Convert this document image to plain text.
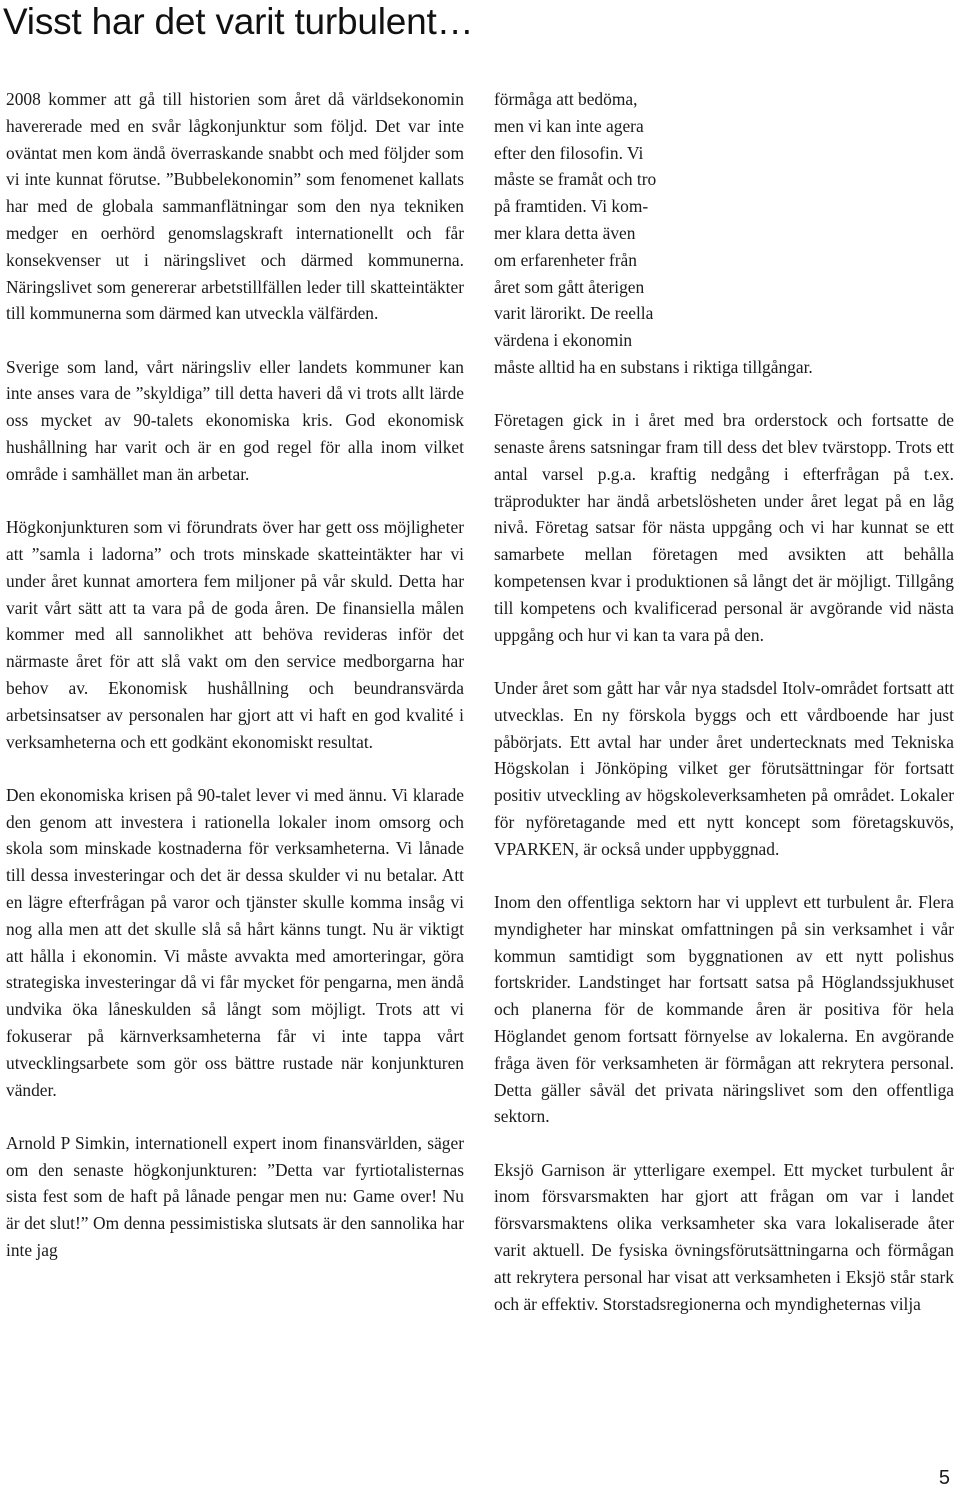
Visst har det varit turbulent…

2008 kommer att gå till historien som året då världsekonomin havererade med en svår lågkonjunktur som följd. Det var inte oväntat men kom ändå överraskande snabbt och med följder som vi inte kunnat förutse. ”Bubbelekonomin” som fenomenet kallats har med de globala sammanflätningar som den nya tekniken medger en oerhörd genomslagskraft internationellt och får konsekvenser ut i näringslivet och därmed kommunerna. Näringslivet som genererar arbetstillfällen leder till skatteintäkter till kommunerna som därmed kan utveckla välfärden.

Sverige som land, vårt näringsliv eller landets kommuner kan inte anses vara de ”skyldiga” till detta haveri då vi trots allt lärde oss mycket av 90-talets ekonomiska kris. God ekonomisk hushållning har varit och är en god regel för alla inom vilket område i samhället man än arbetar.

Högkonjunkturen som vi förundrats över har gett oss möjligheter att ”samla i ladorna” och trots minskade skatteintäkter har vi under året kunnat amortera fem miljoner på vår skuld. Detta har varit vårt sätt att ta vara på de goda åren. De finansiella målen kommer med all sannolikhet att behöva revideras inför det närmaste året för att slå vakt om den service medborgarna har behov av. Ekonomisk hushållning och beundransvärda arbetsinsatser av personalen har gjort att vi haft en god kvalité i verksamheterna och ett godkänt ekonomiskt resultat.

Den ekonomiska krisen på 90-talet lever vi med ännu. Vi klarade den genom att investera i rationella lokaler inom omsorg och skola som minskade kostnaderna för verksamheterna. Vi lånade till dessa investeringar och det är dessa skulder vi nu betalar. Att en lägre efterfrågan på varor och tjänster skulle komma insåg vi nog alla men att det skulle slå så hårt känns tungt. Nu är viktigt att hålla i ekonomin. Vi måste avvakta med amorteringar, göra strategiska investeringar då vi får mycket för pengarna, men ändå undvika öka låneskulden så långt som möjligt. Trots att vi fokuserar på kärnverksamheterna får vi inte tappa vårt utvecklingsarbete som gör oss bättre rustade när konjunkturen vänder.

Arnold P Simkin, internationell expert inom finansvärlden, säger om den senaste högkonjunkturen: ”Detta var fyrtiotalisternas sista fest som de haft på lånade pengar men nu: Game over! Nu är det slut!” Om denna pessimistiska slutsats är den sannolika har inte jag

förmåga att bedöma,
men vi kan inte agera
efter den filosofin. Vi
måste se framåt och tro
på framtiden. Vi kom-
mer klara detta även
om erfarenheter från
året som gått återigen
varit lärorikt. De reella
värdena i ekonomin
måste alltid ha en substans i riktiga tillgångar.

Företagen gick in i året med bra orderstock och fortsatte de senaste årens satsningar fram till dess det blev tvärstopp. Trots ett antal varsel p.g.a. kraftig nedgång i efterfrågan på t.ex. träprodukter har ändå arbetslösheten under året legat på en låg nivå. Företag satsar för nästa uppgång och vi har kunnat se ett samarbete mellan företagen med avsikten att behålla kompetensen kvar i produktionen så långt det är möjligt. Tillgång till kompetens och kvalificerad personal är avgörande vid nästa uppgång och hur vi kan ta vara på den.

Under året som gått har vår nya stadsdel Itolv-området fortsatt att utvecklas. En ny förskola byggs och ett vårdboende har just påbörjats. Ett avtal har under året undertecknats med Tekniska Högskolan i Jönköping vilket ger förutsättningar för fortsatt positiv utveckling av högskoleverksamheten på området. Lokaler för nyföretagande med ett nytt koncept som företagskuvös, VPARKEN, är också under uppbyggnad.

Inom den offentliga sektorn har vi upplevt ett turbulent år. Flera myndigheter har minskat omfattningen på sin verksamhet i vår kommun samtidigt som byggnationen av ett nytt polishus fortskrider. Landstinget har fortsatt satsa på Höglandssjukhuset och planerna för de kommande åren är positiva för hela Höglandet genom fortsatt förnyelse av lokalerna. En avgörande fråga även för verksamheten är förmågan att rekrytera personal. Detta gäller såväl det privata näringslivet som den offentliga sektorn.

Eksjö Garnison är ytterligare exempel. Ett mycket turbulent år inom försvarsmakten har gjort att frågan om var i landet försvarsmaktens olika verksamheter ska vara lokaliserade åter varit aktuell. De fysiska övningsförutsättningarna och förmågan att rekrytera personal har visat att verksamheten i Eksjö står stark och är effektiv. Storstadsregionerna och myndigheternas vilja

5
